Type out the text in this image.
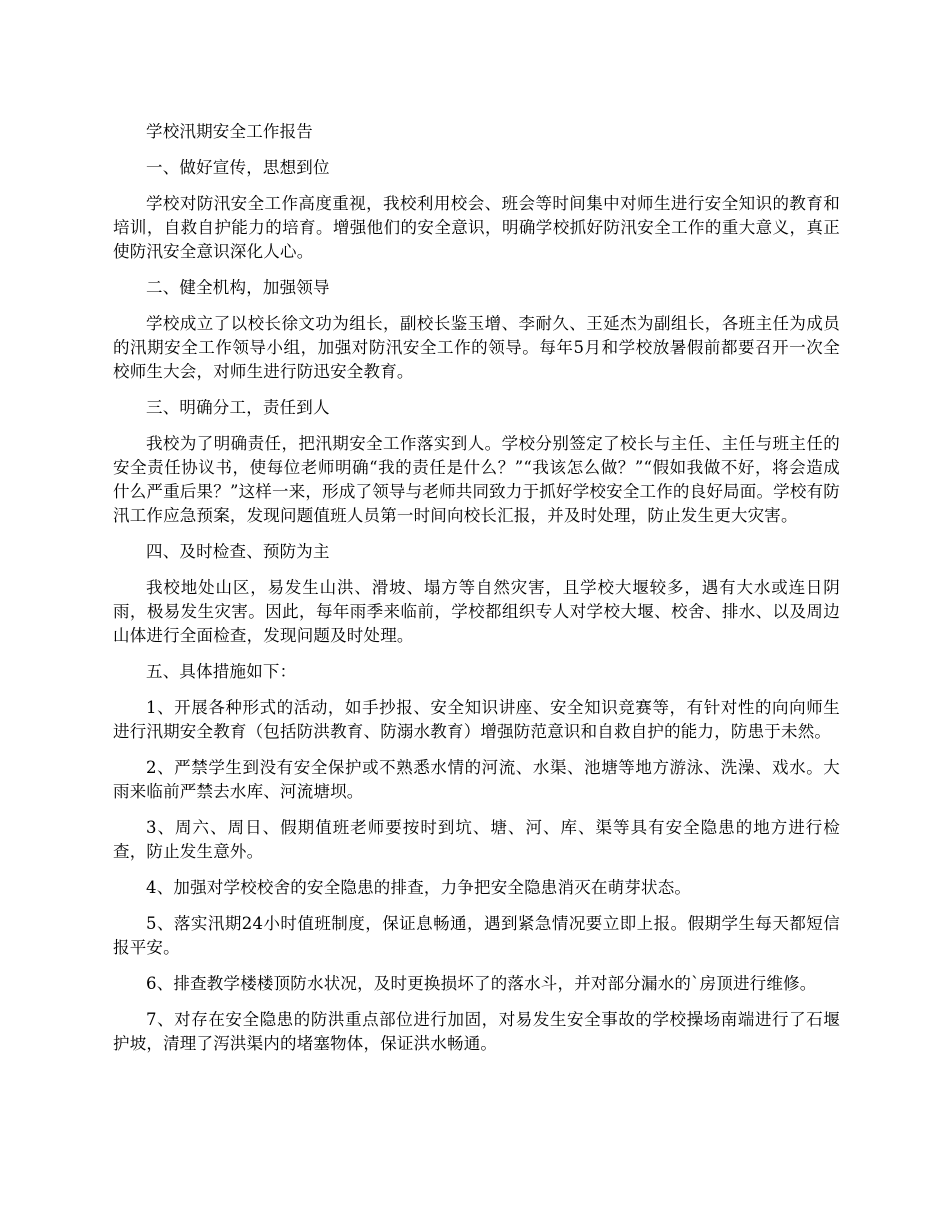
学校汛期安全工作报告

一、做好宣传，思想到位

学校对防汛安全工作高度重视，我校利用校会、班会等时间集中对师生进行安全知识的教育和培训，自救自护能力的培育。增强他们的安全意识，明确学校抓好防汛安全工作的重大意义，真正使防汛安全意识深化人心。

二、健全机构，加强领导

学校成立了以校长徐文功为组长，副校长鉴玉增、李耐久、王延杰为副组长，各班主任为成员的汛期安全工作领导小组，加强对防汛安全工作的领导。每年5月和学校放暑假前都要召开一次全校师生大会，对师生进行防迅安全教育。

三、明确分工，责任到人

我校为了明确责任，把汛期安全工作落实到人。学校分别签定了校长与主任、主任与班主任的安全责任协议书，使每位老师明确“我的责任是什么？”“我该怎么做？”“假如我做不好，将会造成什么严重后果？”这样一来，形成了领导与老师共同致力于抓好学校安全工作的良好局面。学校有防汛工作应急预案，发现问题值班人员第一时间向校长汇报，并及时处理，防止发生更大灾害。

四、及时检查、预防为主

我校地处山区，易发生山洪、滑坡、塌方等自然灾害，且学校大堰较多，遇有大水或连日阴雨，极易发生灾害。因此，每年雨季来临前，学校都组织专人对学校大堰、校舍、排水、以及周边山体进行全面检查，发现问题及时处理。

五、具体措施如下：

1、开展各种形式的活动，如手抄报、安全知识讲座、安全知识竞赛等，有针对性的向向师生进行汛期安全教育（包括防洪教育、防溺水教育）增强防范意识和自救自护的能力，防患于未然。

2、严禁学生到没有安全保护或不熟悉水情的河流、水渠、池塘等地方游泳、洗澡、戏水。大雨来临前严禁去水库、河流塘坝。

3、周六、周日、假期值班老师要按时到坑、塘、河、库、渠等具有安全隐患的地方进行检查，防止发生意外。

4、加强对学校校舍的安全隐患的排查，力争把安全隐患消灭在萌芽状态。

5、落实汛期24小时值班制度，保证息畅通，遇到紧急情况要立即上报。假期学生每天都短信报平安。

6、排查教学楼楼顶防水状况，及时更换损坏了的落水斗，并对部分漏水的`房顶进行维修。

7、对存在安全隐患的防洪重点部位进行加固，对易发生安全事故的学校操场南端进行了石堰护坡，清理了泻洪渠内的堵塞物体，保证洪水畅通。
